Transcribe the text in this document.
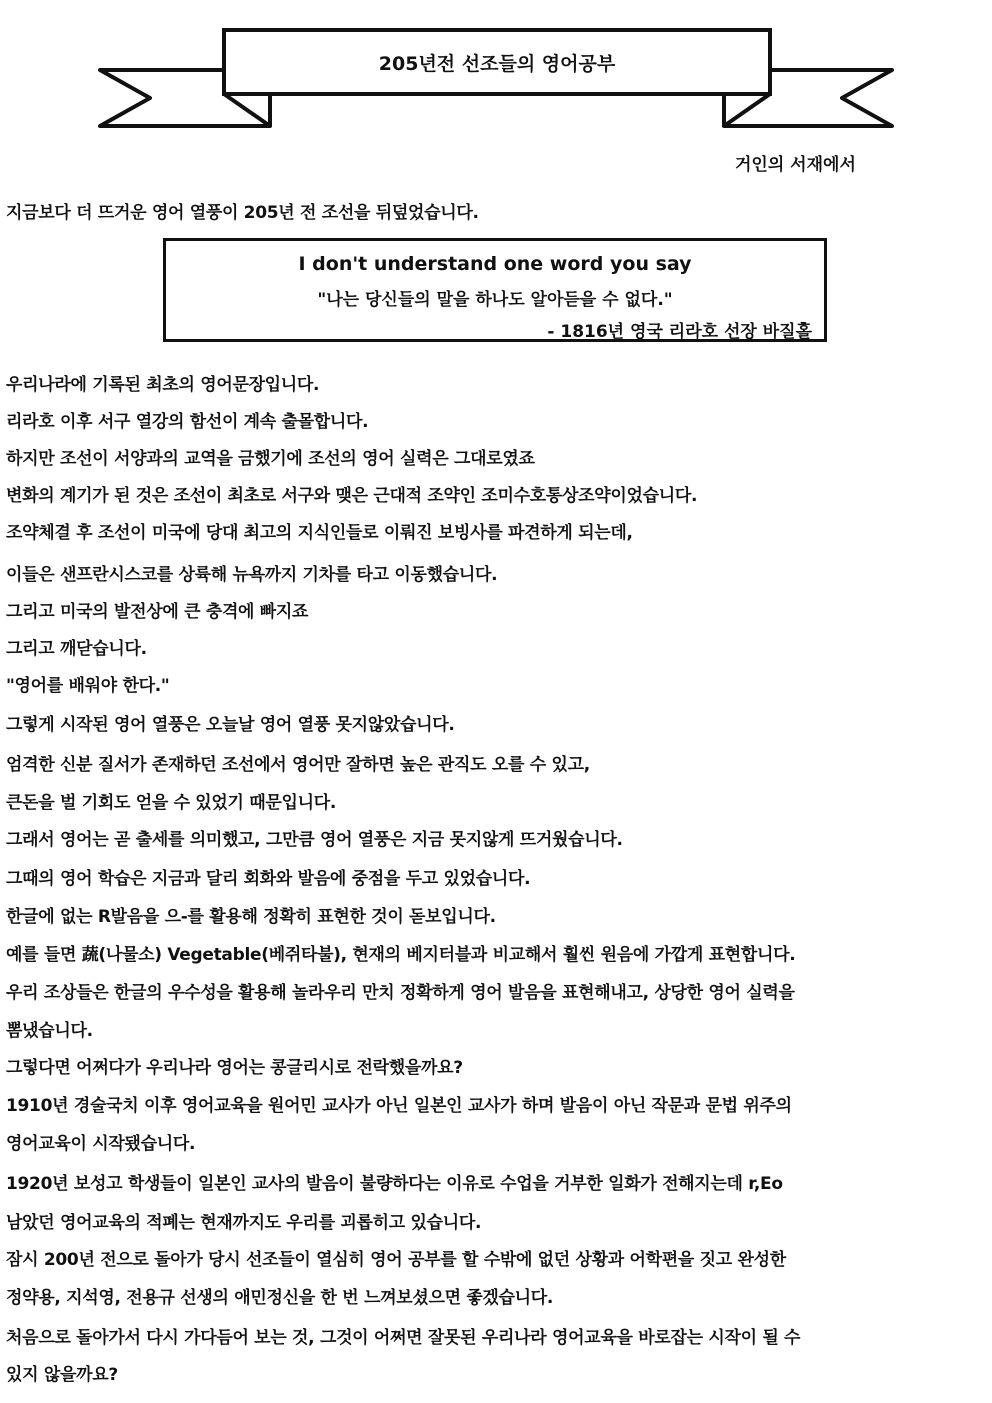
205년전 선조들의 영어공부
거인의 서재에서
지금보다 더 뜨거운 영어 열풍이 205년 전 조선을 뒤덮었습니다.
I don't understand one word you say
"나는 당신들의 말을 하나도 알아듣을 수 없다."
- 1816년 영국 리라호 선장 바질홀
우리나라에 기록된 최초의 영어문장입니다.
리라호 이후 서구 열강의 함선이 계속 출몰합니다.
하지만 조선이 서양과의 교역을 금했기에 조선의 영어 실력은 그대로였죠
변화의 계기가 된 것은 조선이 최초로 서구와 맺은 근대적 조약인 조미수호통상조약이었습니다.
조약체결 후 조선이 미국에 당대 최고의 지식인들로 이뤄진 보빙사를 파견하게 되는데,
이들은 샌프란시스코를 상륙해 뉴욕까지 기차를 타고 이동했습니다.
그리고 미국의 발전상에 큰 충격에 빠지죠
그리고 깨닫습니다.
"영어를 배워야 한다."
그렇게 시작된 영어 열풍은 오늘날 영어 열풍 못지않았습니다.
엄격한 신분 질서가 존재하던 조선에서 영어만 잘하면 높은 관직도 오를 수 있고,
큰돈을 벌 기회도 얻을 수 있었기 때문입니다.
그래서 영어는 곧 출세를 의미했고, 그만큼 영어 열풍은 지금 못지않게 뜨거웠습니다.
그때의 영어 학습은 지금과 달리 회화와 발음에 중점을 두고 있었습니다.
한글에 없는 R발음을 으-를 활용해 정확히 표현한 것이 돋보입니다.
예를 들면 蔬(나물소) Vegetable(베쥐타불), 현재의 베지터블과 비교해서 훨씬 원음에 가깝게 표현합니다.
우리 조상들은 한글의 우수성을 활용해 놀라우리 만치 정확하게 영어 발음을 표현해내고, 상당한 영어 실력을
뽐냈습니다.
그렇다면 어쩌다가 우리나라 영어는 콩글리시로 전락했을까요?
1910년 경술국치 이후 영어교육을 원어민 교사가 아닌 일본인 교사가 하며 발음이 아닌 작문과 문법 위주의
영어교육이 시작됐습니다.
1920년 보성고 학생들이 일본인 교사의 발음이 불량하다는 이유로 수업을 거부한 일화가 전해지는데 r,Eo
남았던 영어교육의 적폐는 현재까지도 우리를 괴롭히고 있습니다.
잠시 200년 전으로 돌아가 당시 선조들이 열심히 영어 공부를 할 수밖에 없던 상황과 어학편을 짓고 완성한
정약용, 지석영, 전용규 선생의 애민정신을 한 번 느껴보셨으면 좋겠습니다.
처음으로 돌아가서 다시 가다듬어 보는 것, 그것이 어쩌면 잘못된 우리나라 영어교육을 바로잡는 시작이 될 수
있지 않을까요?
